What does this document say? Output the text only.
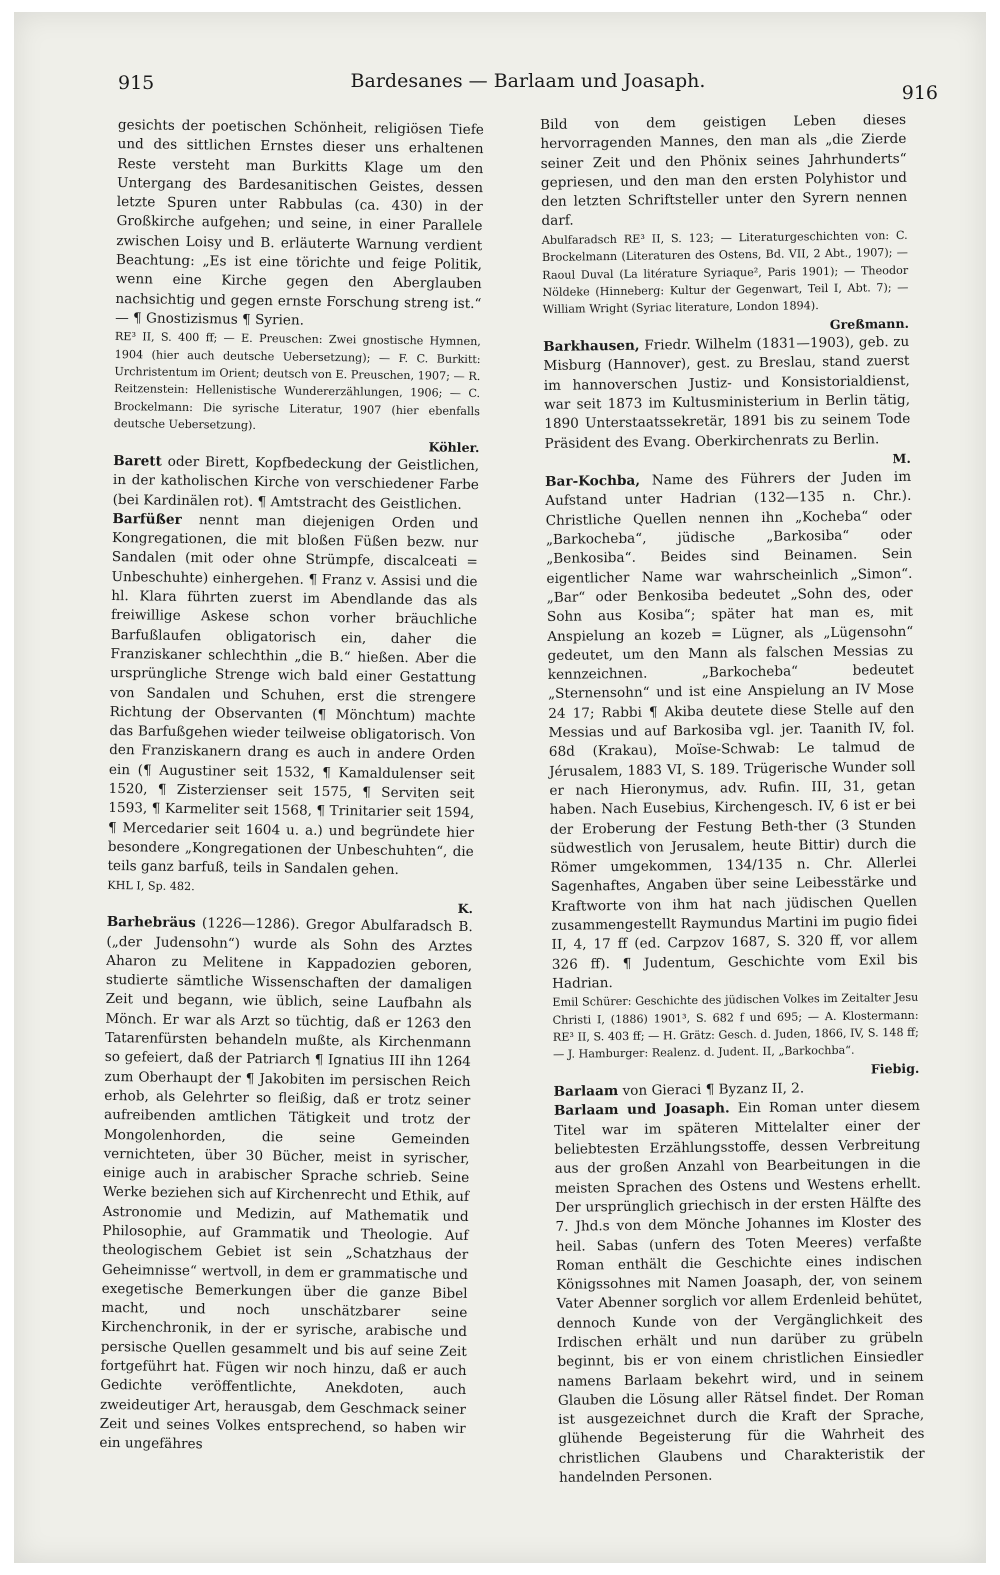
915	Bardesanes — Barlaam und Joasaph.
916

gesichts der poetischen Schönheit, religiösen Tiefe und des sittlichen Ernstes dieser uns erhaltenen Reste versteht man Burkitts Klage um den Untergang des Bardesanitischen Geistes, dessen letzte Spuren unter Rabbulas (ca. 430) in der Großkirche aufgehen; und seine, in einer Parallele zwischen Loisy und B. erläuterte Warnung verdient Beachtung: „Es ist eine törichte und feige Politik, wenn eine Kirche gegen den Aberglauben nachsichtig und gegen ernste Forschung streng ist.“ — ¶ Gnostizismus ¶ Syrien.

RE³ II, S. 400 ff; — E. Preuschen: Zwei gnostische Hymnen, 1904 (hier auch deutsche Uebersetzung); — F. C. Burkitt: Urchristentum im Orient; deutsch von E. Preuschen, 1907; — R. Reitzenstein: Hellenistische Wundererzählungen, 1906; — C. Brockelmann: Die syrische Literatur, 1907 (hier ebenfalls deutsche Uebersetzung).

Köhler.

Barett oder Birett, Kopfbedeckung der Geistlichen, in der katholischen Kirche von verschiedener Farbe (bei Kardinälen rot). ¶ Amtstracht des Geistlichen.

Barfüßer nennt man diejenigen Orden und Kongregationen, die mit bloßen Füßen bezw. nur Sandalen (mit oder ohne Strümpfe, discalceati = Unbeschuhte) einhergehen. ¶ Franz v. Assisi und die hl. Klara führten zuerst im Abendlande das als freiwillige Askese schon vorher bräuchliche Barfußlaufen obligatorisch ein, daher die Franziskaner schlechthin „die B.“ hießen. Aber die ursprüngliche Strenge wich bald einer Gestattung von Sandalen und Schuhen, erst die strengere Richtung der Observanten (¶ Mönchtum) machte das Barfußgehen wieder teilweise obligatorisch. Von den Franziskanern drang es auch in andere Orden ein (¶ Augustiner seit 1532, ¶ Kamaldulenser seit 1520, ¶ Zisterzienser seit 1575, ¶ Serviten seit 1593, ¶ Karmeliter seit 1568, ¶ Trinitarier seit 1594, ¶ Mercedarier seit 1604 u. a.) und begründete hier besondere „Kongregationen der Unbeschuhten“, die teils ganz barfuß, teils in Sandalen gehen.

KHL I, Sp. 482.

K.

Barhebräus (1226—1286). Gregor Abulfaradsch B. („der Judensohn“) wurde als Sohn des Arztes Aharon zu Melitene in Kappadozien geboren, studierte sämtliche Wissenschaften der damaligen Zeit und begann, wie üblich, seine Laufbahn als Mönch. Er war als Arzt so tüchtig, daß er 1263 den Tatarenfürsten behandeln mußte, als Kirchenmann so gefeiert, daß der Patriarch ¶ Ignatius III ihn 1264 zum Oberhaupt der ¶ Jakobiten im persischen Reich erhob, als Gelehrter so fleißig, daß er trotz seiner aufreibenden amtlichen Tätigkeit und trotz der Mongolenhorden, die seine Gemeinden vernichteten, über 30 Bücher, meist in syrischer, einige auch in arabischer Sprache schrieb. Seine Werke beziehen sich auf Kirchenrecht und Ethik, auf Astronomie und Medizin, auf Mathematik und Philosophie, auf Grammatik und Theologie. Auf theologischem Gebiet ist sein „Schatzhaus der Geheimnisse“ wertvoll, in dem er grammatische und exegetische Bemerkungen über die ganze Bibel macht, und noch unschätzbarer seine Kirchenchronik, in der er syrische, arabische und persische Quellen gesammelt und bis auf seine Zeit fortgeführt hat. Fügen wir noch hinzu, daß er auch Gedichte veröffentlichte, Anekdoten, auch zweideutiger Art, herausgab, dem Geschmack seiner Zeit und seines Volkes entsprechend, so haben wir ein ungefähres

Bild von dem geistigen Leben dieses hervorragenden Mannes, den man als „die Zierde seiner Zeit und den Phönix seines Jahrhunderts“ gepriesen, und den man den ersten Polyhistor und den letzten Schriftsteller unter den Syrern nennen darf.

Abulfaradsch RE³ II, S. 123; — Literaturgeschichten von: C. Brockelmann (Literaturen des Ostens, Bd. VII, 2 Abt., 1907); — Raoul Duval (La litérature Syriaque², Paris 1901); — Theodor Nöldeke (Hinneberg: Kultur der Gegenwart, Teil I, Abt. 7); — William Wright (Syriac literature, London 1894).

Greßmann.

Barkhausen, Friedr. Wilhelm (1831—1903), geb. zu Misburg (Hannover), gest. zu Breslau, stand zuerst im hannoverschen Justiz- und Konsistorialdienst, war seit 1873 im Kultusministerium in Berlin tätig, 1890 Unterstaatssekretär, 1891 bis zu seinem Tode Präsident des Evang. Oberkirchenrats zu Berlin.

M.

Bar-Kochba, Name des Führers der Juden im Aufstand unter Hadrian (132—135 n. Chr.). Christliche Quellen nennen ihn „Kocheba“ oder „Barkocheba“, jüdische „Barkosiba“ oder „Benkosiba“. Beides sind Beinamen. Sein eigentlicher Name war wahrscheinlich „Simon“. „Bar“ oder Benkosiba bedeutet „Sohn des, oder Sohn aus Kosiba“; später hat man es, mit Anspielung an kozeb = Lügner, als „Lügensohn“ gedeutet, um den Mann als falschen Messias zu kennzeichnen. „Barkocheba“ bedeutet „Sternensohn“ und ist eine Anspielung an IV Mose 24 17; Rabbi ¶ Akiba deutete diese Stelle auf den Messias und auf Barkosiba vgl. jer. Taanith IV, fol. 68d (Krakau), Moïse-Schwab: Le talmud de Jérusalem, 1883 VI, S. 189. Trügerische Wunder soll er nach Hieronymus, adv. Rufin. III, 31, getan haben. Nach Eusebius, Kirchengesch. IV, 6 ist er bei der Eroberung der Festung Beth-ther (3 Stunden südwestlich von Jerusalem, heute Bittir) durch die Römer umgekommen, 134/135 n. Chr. Allerlei Sagenhaftes, Angaben über seine Leibesstärke und Kraftworte von ihm hat nach jüdischen Quellen zusammengestellt Raymundus Martini im pugio fidei II, 4, 17 ff (ed. Carpzov 1687, S. 320 ff, vor allem 326 ff). ¶ Judentum, Geschichte vom Exil bis Hadrian.

Emil Schürer: Geschichte des jüdischen Volkes im Zeitalter Jesu Christi I, (1886) 1901³, S. 682 f und 695; — A. Klostermann: RE³ II, S. 403 ff; — H. Grätz: Gesch. d. Juden, 1866, IV, S. 148 ff; — J. Hamburger: Realenz. d. Judent. II, „Barkochba“.

Fiebig.

Barlaam von Gieraci ¶ Byzanz II, 2.

Barlaam und Joasaph. Ein Roman unter diesem Titel war im späteren Mittelalter einer der beliebtesten Erzählungsstoffe, dessen Verbreitung aus der großen Anzahl von Bearbeitungen in die meisten Sprachen des Ostens und Westens erhellt. Der ursprünglich griechisch in der ersten Hälfte des 7. Jhd.s von dem Mönche Johannes im Kloster des heil. Sabas (unfern des Toten Meeres) verfaßte Roman enthält die Geschichte eines indischen Königssohnes mit Namen Joasaph, der, von seinem Vater Abenner sorglich vor allem Erdenleid behütet, dennoch Kunde von der Vergänglichkeit des Irdischen erhält und nun darüber zu grübeln beginnt, bis er von einem christlichen Einsiedler namens Barlaam bekehrt wird, und in seinem Glauben die Lösung aller Rätsel findet. Der Roman ist ausgezeichnet durch die Kraft der Sprache, glühende Begeisterung für die Wahrheit des christlichen Glaubens und Charakteristik der handelnden Personen.
